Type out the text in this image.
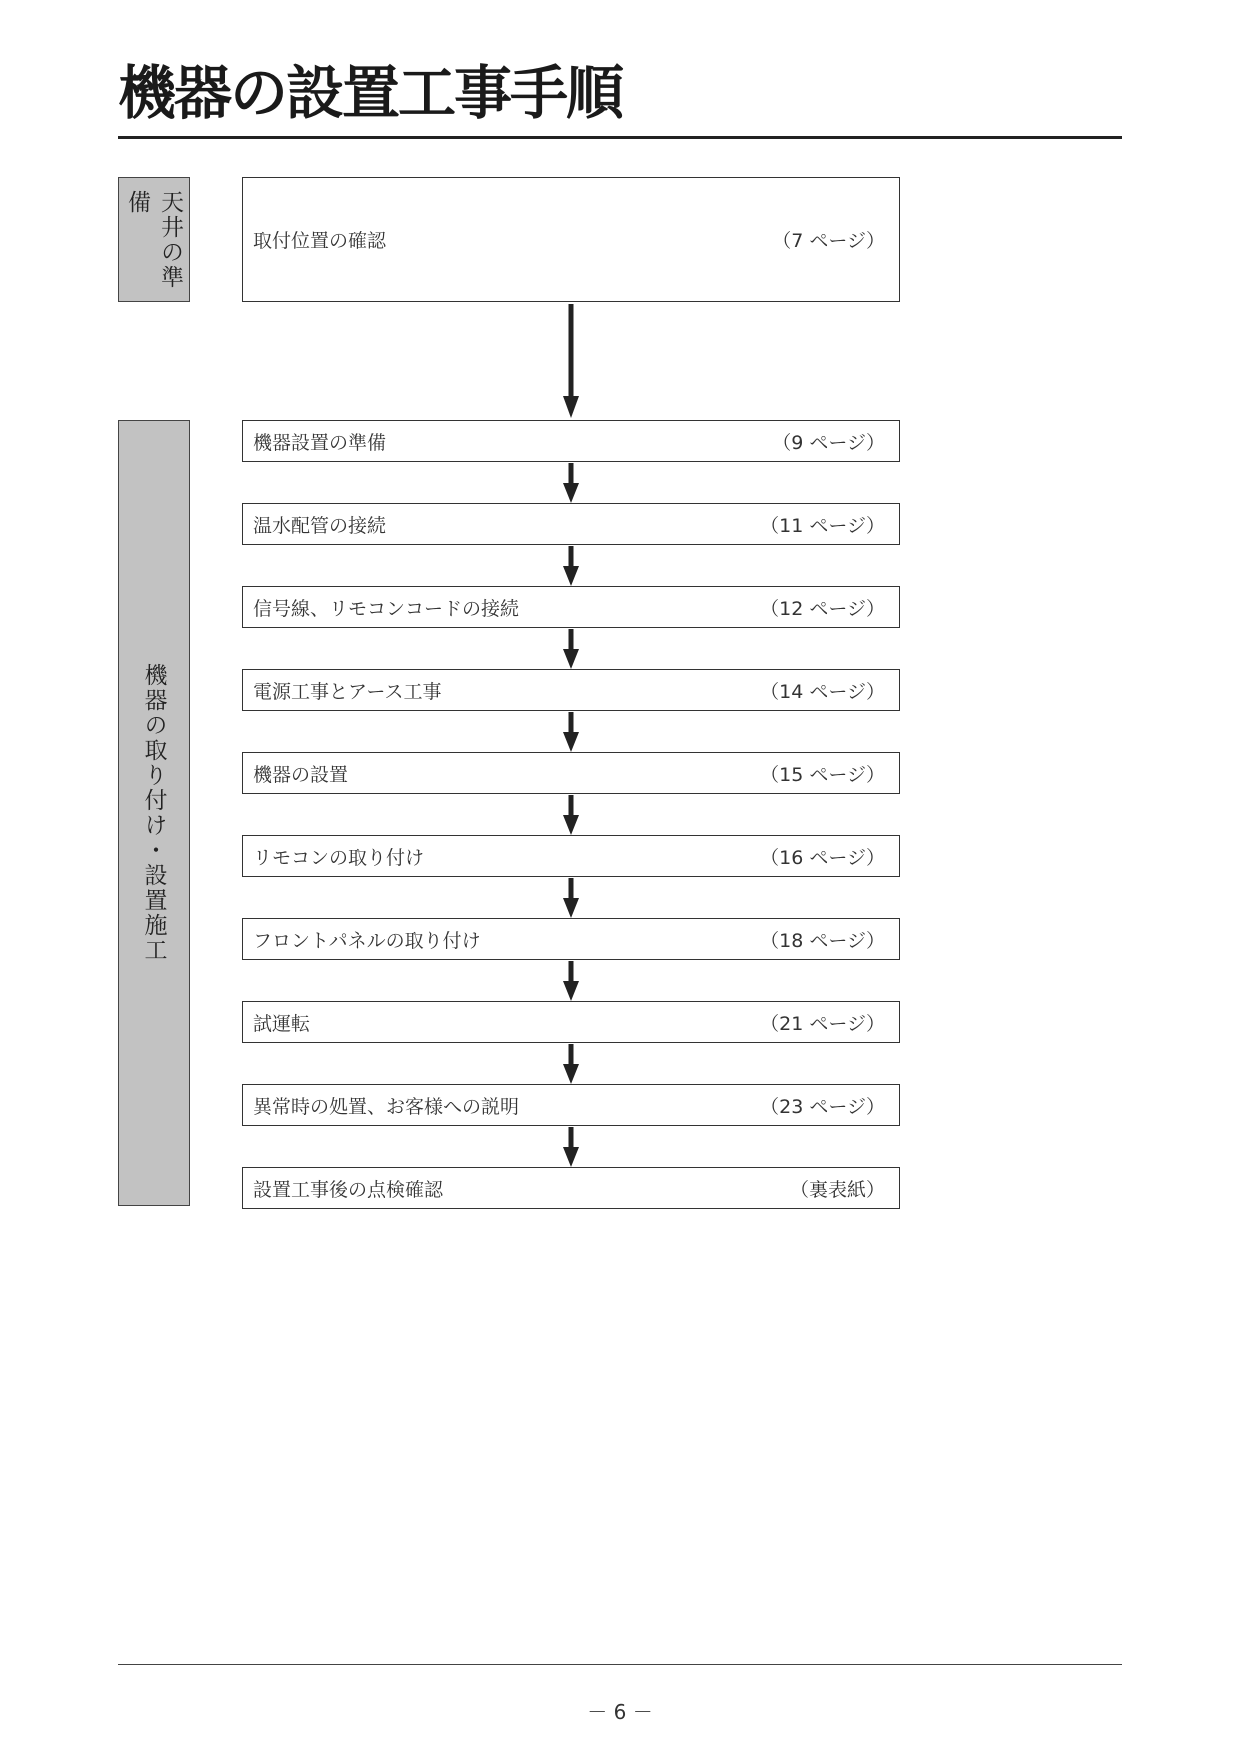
機器の設置工事手順
天井の準備
機器の取り付け・設置施工
取付位置の確認	（7 ページ）
機器設置の準備	（9 ページ）
温水配管の接続	（11 ページ）
信号線、リモコンコードの接続	（12 ページ）
電源工事とアース工事	（14 ページ）
機器の設置	（15 ページ）
リモコンの取り付け	（16 ページ）
フロントパネルの取り付け	（18 ページ）
試運転	（21 ページ）
異常時の処置、お客様への説明	（23 ページ）
設置工事後の点検確認	（裏表紙）
－ 6 －
